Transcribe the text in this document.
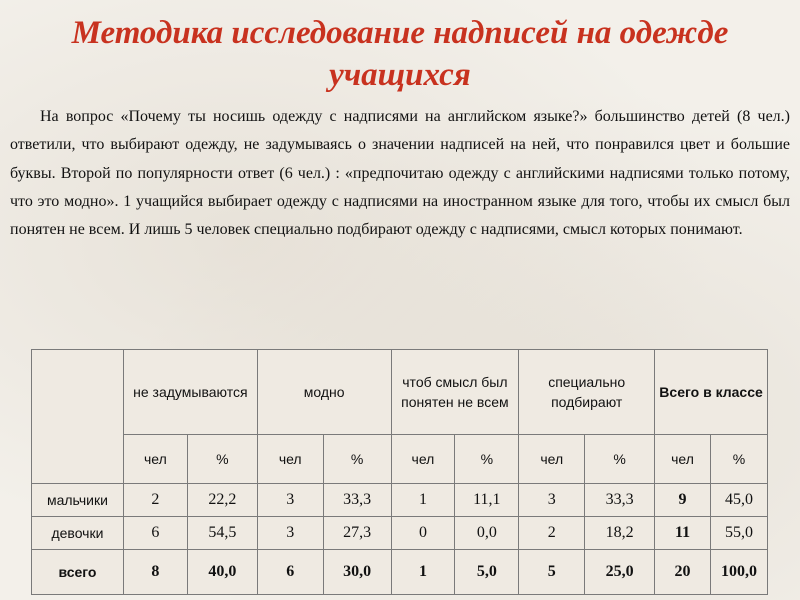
Методика исследование надписей на одежде учащихся

На вопрос «Почему ты носишь одежду с надписями на английском языке?» большинство детей (8 чел.) ответили, что выбирают одежду, не задумываясь о значении надписей на ней, что понравился цвет и большие буквы. Второй по популярности ответ (6 чел.) : «предпочитаю одежду с английскими надписями только потому, что это модно». 1 учащийся выбирает одежду с надписями на иностранном языке для того, чтобы их смысл был понятен не всем. И лишь 5 человек специально подбирают одежду с надписями, смысл которых понимают.

	не задумываются		модно		чтоб смысл был понятен не всем		специально подбирают		Всего в классе	
	чел	%	чел	%	чел	%	чел	%	чел	%
мальчики	2	22,2	3	33,3	1	11,1	3	33,3	9	45,0
девочки	6	54,5	3	27,3	0	0,0	2	18,2	11	55,0
всего	8	40,0	6	30,0	1	5,0	5	25,0	20	100,0
